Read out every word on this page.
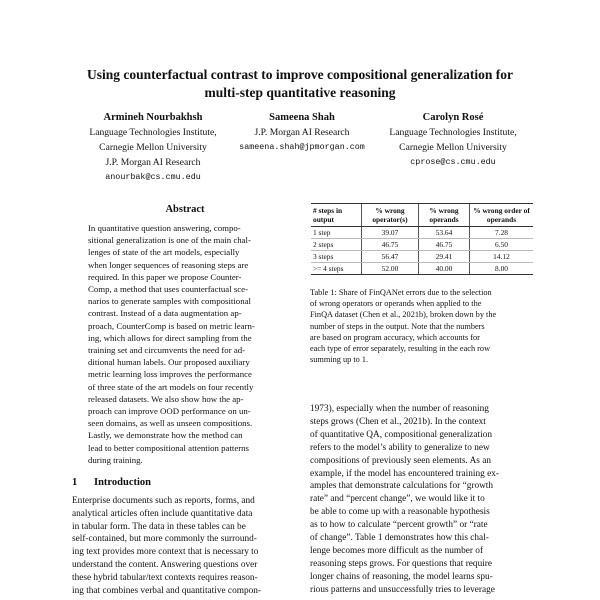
Using counterfactual contrast to improve compositional generalization for
multi-step quantitative reasoning
Armineh Nourbakhsh
Language Technologies Institute,
Carnegie Mellon University
J.P. Morgan AI Research
anourbak@cs.cmu.edu
Sameena Shah
J.P. Morgan AI Research
sameena.shah@jpmorgan.com
Carolyn Rosé
Language Technologies Institute,
Carnegie Mellon University
cprose@cs.cmu.edu
Abstract

In quantitative question answering, compo-

sitional generalization is one of the main chal-

lenges of state of the art models, especially

when longer sequences of reasoning steps are

required. In this paper we propose Counter-

Comp, a method that uses counterfactual sce-

narios to generate samples with compositional

contrast. Instead of a data augmentation ap-

proach, CounterComp is based on metric learn-

ing, which allows for direct sampling from the

training set and circumvents the need for ad-

ditional human labels. Our proposed auxiliary

metric learning loss improves the performance

of three state of the art models on four recently

released datasets. We also show how the ap-

proach can improve OOD performance on un-

seen domains, as well as unseen compositions.

Lastly, we demonstrate how the method can

lead to better compositional attention patterns

during training.

1 Introduction

Enterprise documents such as reports, forms, and

analytical articles often include quantitative data

in tabular form. The data in these tables can be

self-contained, but more commonly the surround-

ing text provides more context that is necessary to

understand the content. Answering questions over

these hybrid tabular/text contexts requires reason-

ing that combines verbal and quantitative compon-

# steps in output	% wrong operator(s)	% wrong operands	% wrong order of operands
1 step	39.07	53.64	7.28
2 steps	46.75	46.75	6.50
3 steps	56.47	29.41	14.12
>= 4 steps	52.00	40.00	8.00

Table 1: Share of FinQANet errors due to the selection

of wrong operators or operands when applied to the

FinQA dataset (Chen et al., 2021b), broken down by the

number of steps in the output. Note that the numbers

are based on program accuracy, which accounts for

each type of error separately, resulting in the each row

summing up to 1.

1973), especially when the number of reasoning

steps grows (Chen et al., 2021b). In the context

of quantitative QA, compositional generalization

refers to the model’s ability to generalize to new

compositions of previously seen elements. As an

example, if the model has encountered training ex-

amples that demonstrate calculations for “growth

rate” and “percent change”, we would like it to

be able to come up with a reasonable hypothesis

as to how to calculate “percent growth” or “rate

of change”. Table 1 demonstrates how this chal-

lenge becomes more difficult as the number of

reasoning steps grows. For questions that require

longer chains of reasoning, the model learns spu-

rious patterns and unsuccessfully tries to leverage
